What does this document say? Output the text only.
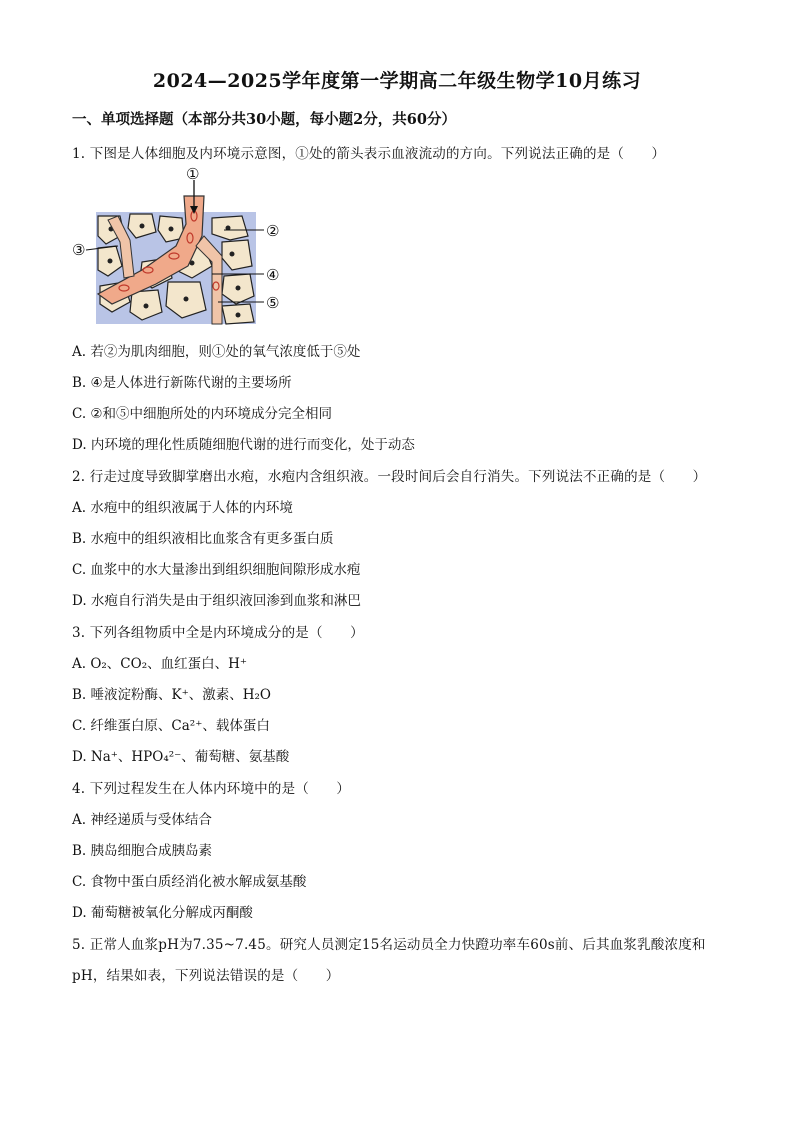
2024—2025学年度第一学期高二年级生物学10月练习
一、单项选择题（本部分共30小题，每小题2分，共60分）
1. 下图是人体细胞及内环境示意图，①处的箭头表示血液流动的方向。下列说法正确的是（　　）
①
②
③
④
⑤
A. 若②为肌肉细胞，则①处的氧气浓度低于⑤处
B. ④是人体进行新陈代谢的主要场所
C. ②和⑤中细胞所处的内环境成分完全相同
D. 内环境的理化性质随细胞代谢的进行而变化，处于动态
2. 行走过度导致脚掌磨出水疱，水疱内含组织液。一段时间后会自行消失。下列说法不正确的是（　　）
A. 水疱中的组织液属于人体的内环境
B. 水疱中的组织液相比血浆含有更多蛋白质
C. 血浆中的水大量渗出到组织细胞间隙形成水疱
D. 水疱自行消失是由于组织液回渗到血浆和淋巴
3. 下列各组物质中全是内环境成分的是（　　）
A. O₂、CO₂、血红蛋白、H⁺
B. 唾液淀粉酶、K⁺、激素、H₂O
C. 纤维蛋白原、Ca²⁺、载体蛋白
D. Na⁺、HPO₄²⁻、葡萄糖、氨基酸
4. 下列过程发生在人体内环境中的是（　　）
A. 神经递质与受体结合
B. 胰岛细胞合成胰岛素
C. 食物中蛋白质经消化被水解成氨基酸
D. 葡萄糖被氧化分解成丙酮酸
5. 正常人血浆pH为7.35~7.45。研究人员测定15名运动员全力快蹬功率车60s前、后其血浆乳酸浓度和
pH，结果如表，下列说法错误的是（　　）
